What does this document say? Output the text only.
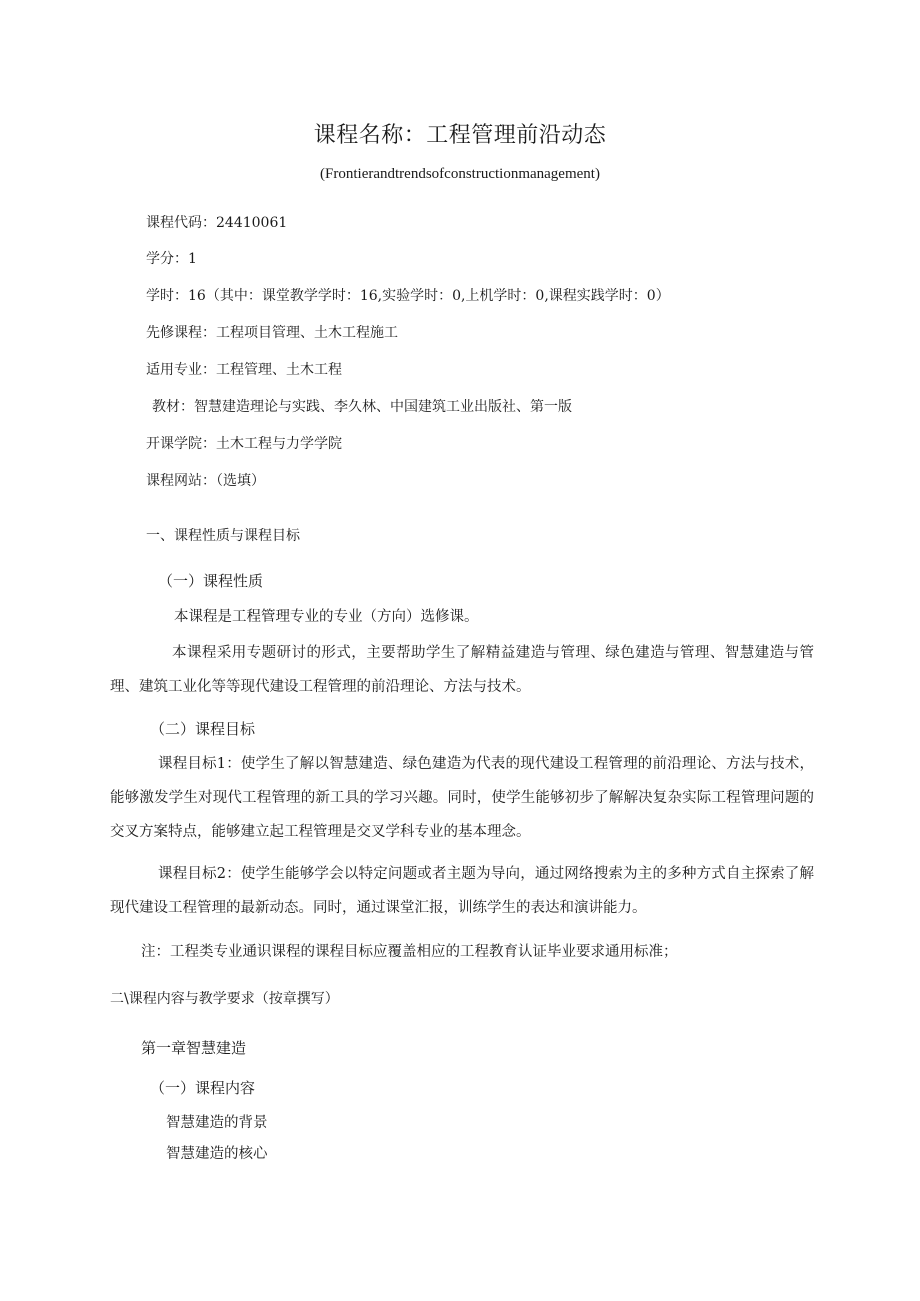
课程名称：工程管理前沿动态
(Frontierandtrendsofconstructionmanagement)
课程代码：24410061
学分：1
学时：16（其中：课堂教学学时：16,实验学时：0,上机学时：0,课程实践学时：0）
先修课程：工程项目管理、土木工程施工
适用专业：工程管理、土木工程
教材：智慧建造理论与实践、李久林、中国建筑工业出版社、第一版
开课学院：土木工程与力学学院
课程网站：（选填）
一、课程性质与课程目标
（一）课程性质
本课程是工程管理专业的专业（方向）选修课。
本课程采用专题研讨的形式，主要帮助学生了解精益建造与管理、绿色建造与管理、智慧建造与管理、建筑工业化等等现代建设工程管理的前沿理论、方法与技术。
（二）课程目标
课程目标1：使学生了解以智慧建造、绿色建造为代表的现代建设工程管理的前沿理论、方法与技术，能够激发学生对现代工程管理的新工具的学习兴趣。同时，使学生能够初步了解解决复杂实际工程管理问题的交叉方案特点，能够建立起工程管理是交叉学科专业的基本理念。
课程目标2：使学生能够学会以特定问题或者主题为导向，通过网络搜索为主的多种方式自主探索了解现代建设工程管理的最新动态。同时，通过课堂汇报，训练学生的表达和演讲能力。
注：工程类专业通识课程的课程目标应覆盖相应的工程教育认证毕业要求通用标准；
二\课程内容与教学要求（按章撰写）
第一章智慧建造
（一）课程内容
智慧建造的背景
智慧建造的核心
